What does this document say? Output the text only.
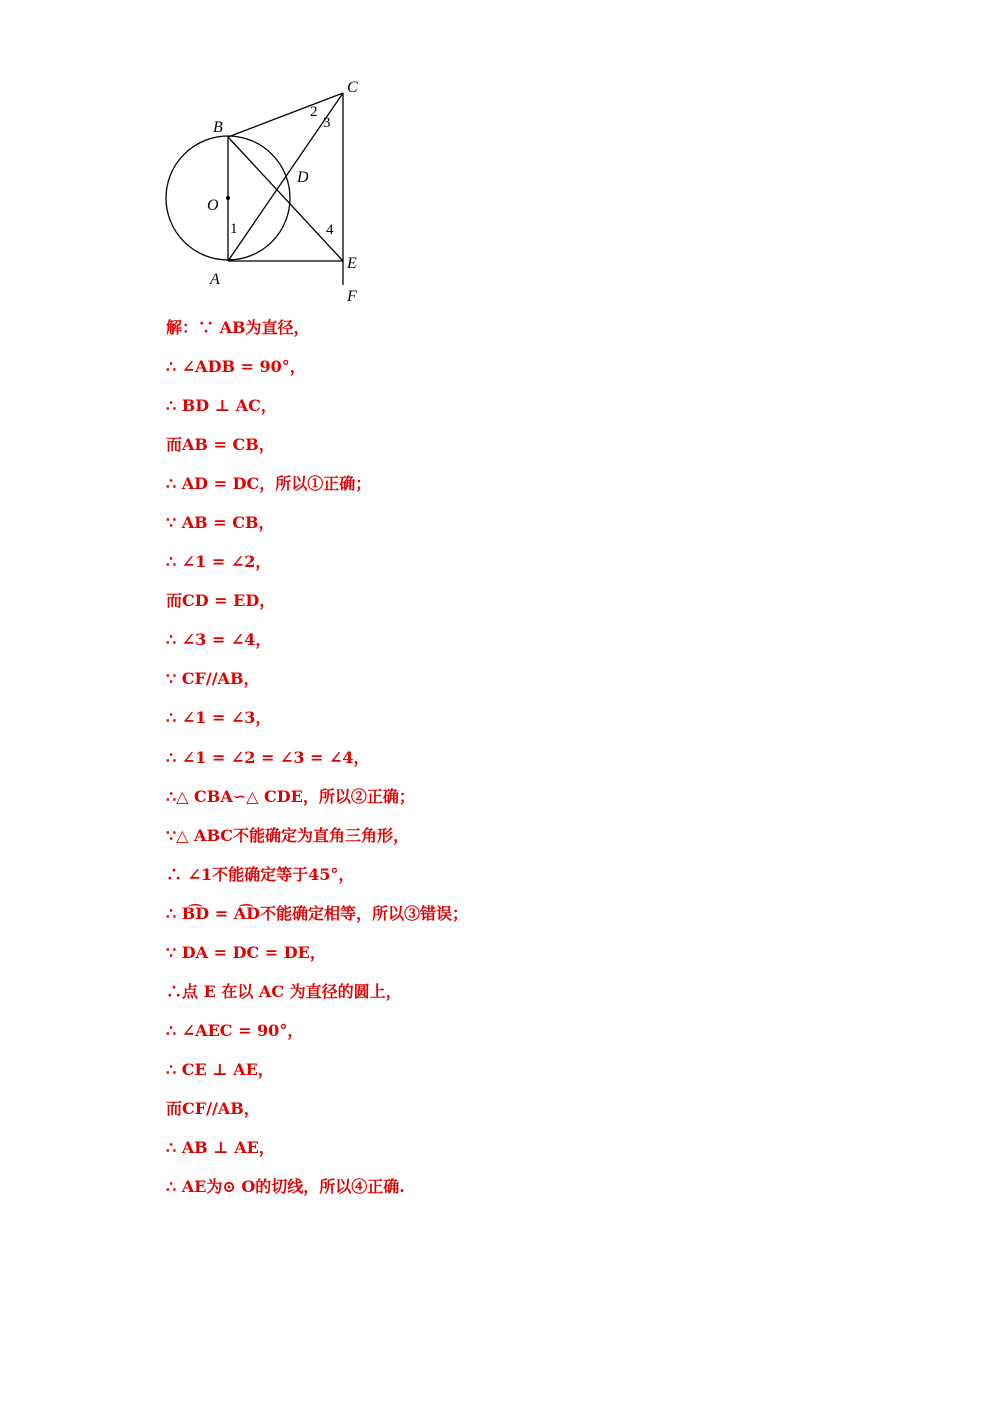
C
B
D
O
E
A
F
2
3
1	4
解：∵ AB为直径，
∴ ∠ADB = 90°，
∴ BD ⊥ AC，
而AB = CB，
∴ AD = DC，所以①正确；
∵ AB = CB，
∴ ∠1 = ∠2，
而CD = ED，
∴ ∠3 = ∠4，
∵ CF//AB，
∴ ∠1 = ∠3，
∴ ∠1 = ∠2 = ∠3 = ∠4，
∴△ CBA∽△ CDE，所以②正确；
∵△ ABC不能确定为直角三角形，
∴ ∠1不能确定等于45°，
∴ B͡D = A͡D不能确定相等，所以③错误；
∵ DA = DC = DE，
∴点 E 在以 AC 为直径的圆上，
∴ ∠AEC = 90°，
∴ CE ⊥ AE，
而CF//AB，
∴ AB ⊥ AE，
∴ AE为⊙ O的切线，所以④正确.
